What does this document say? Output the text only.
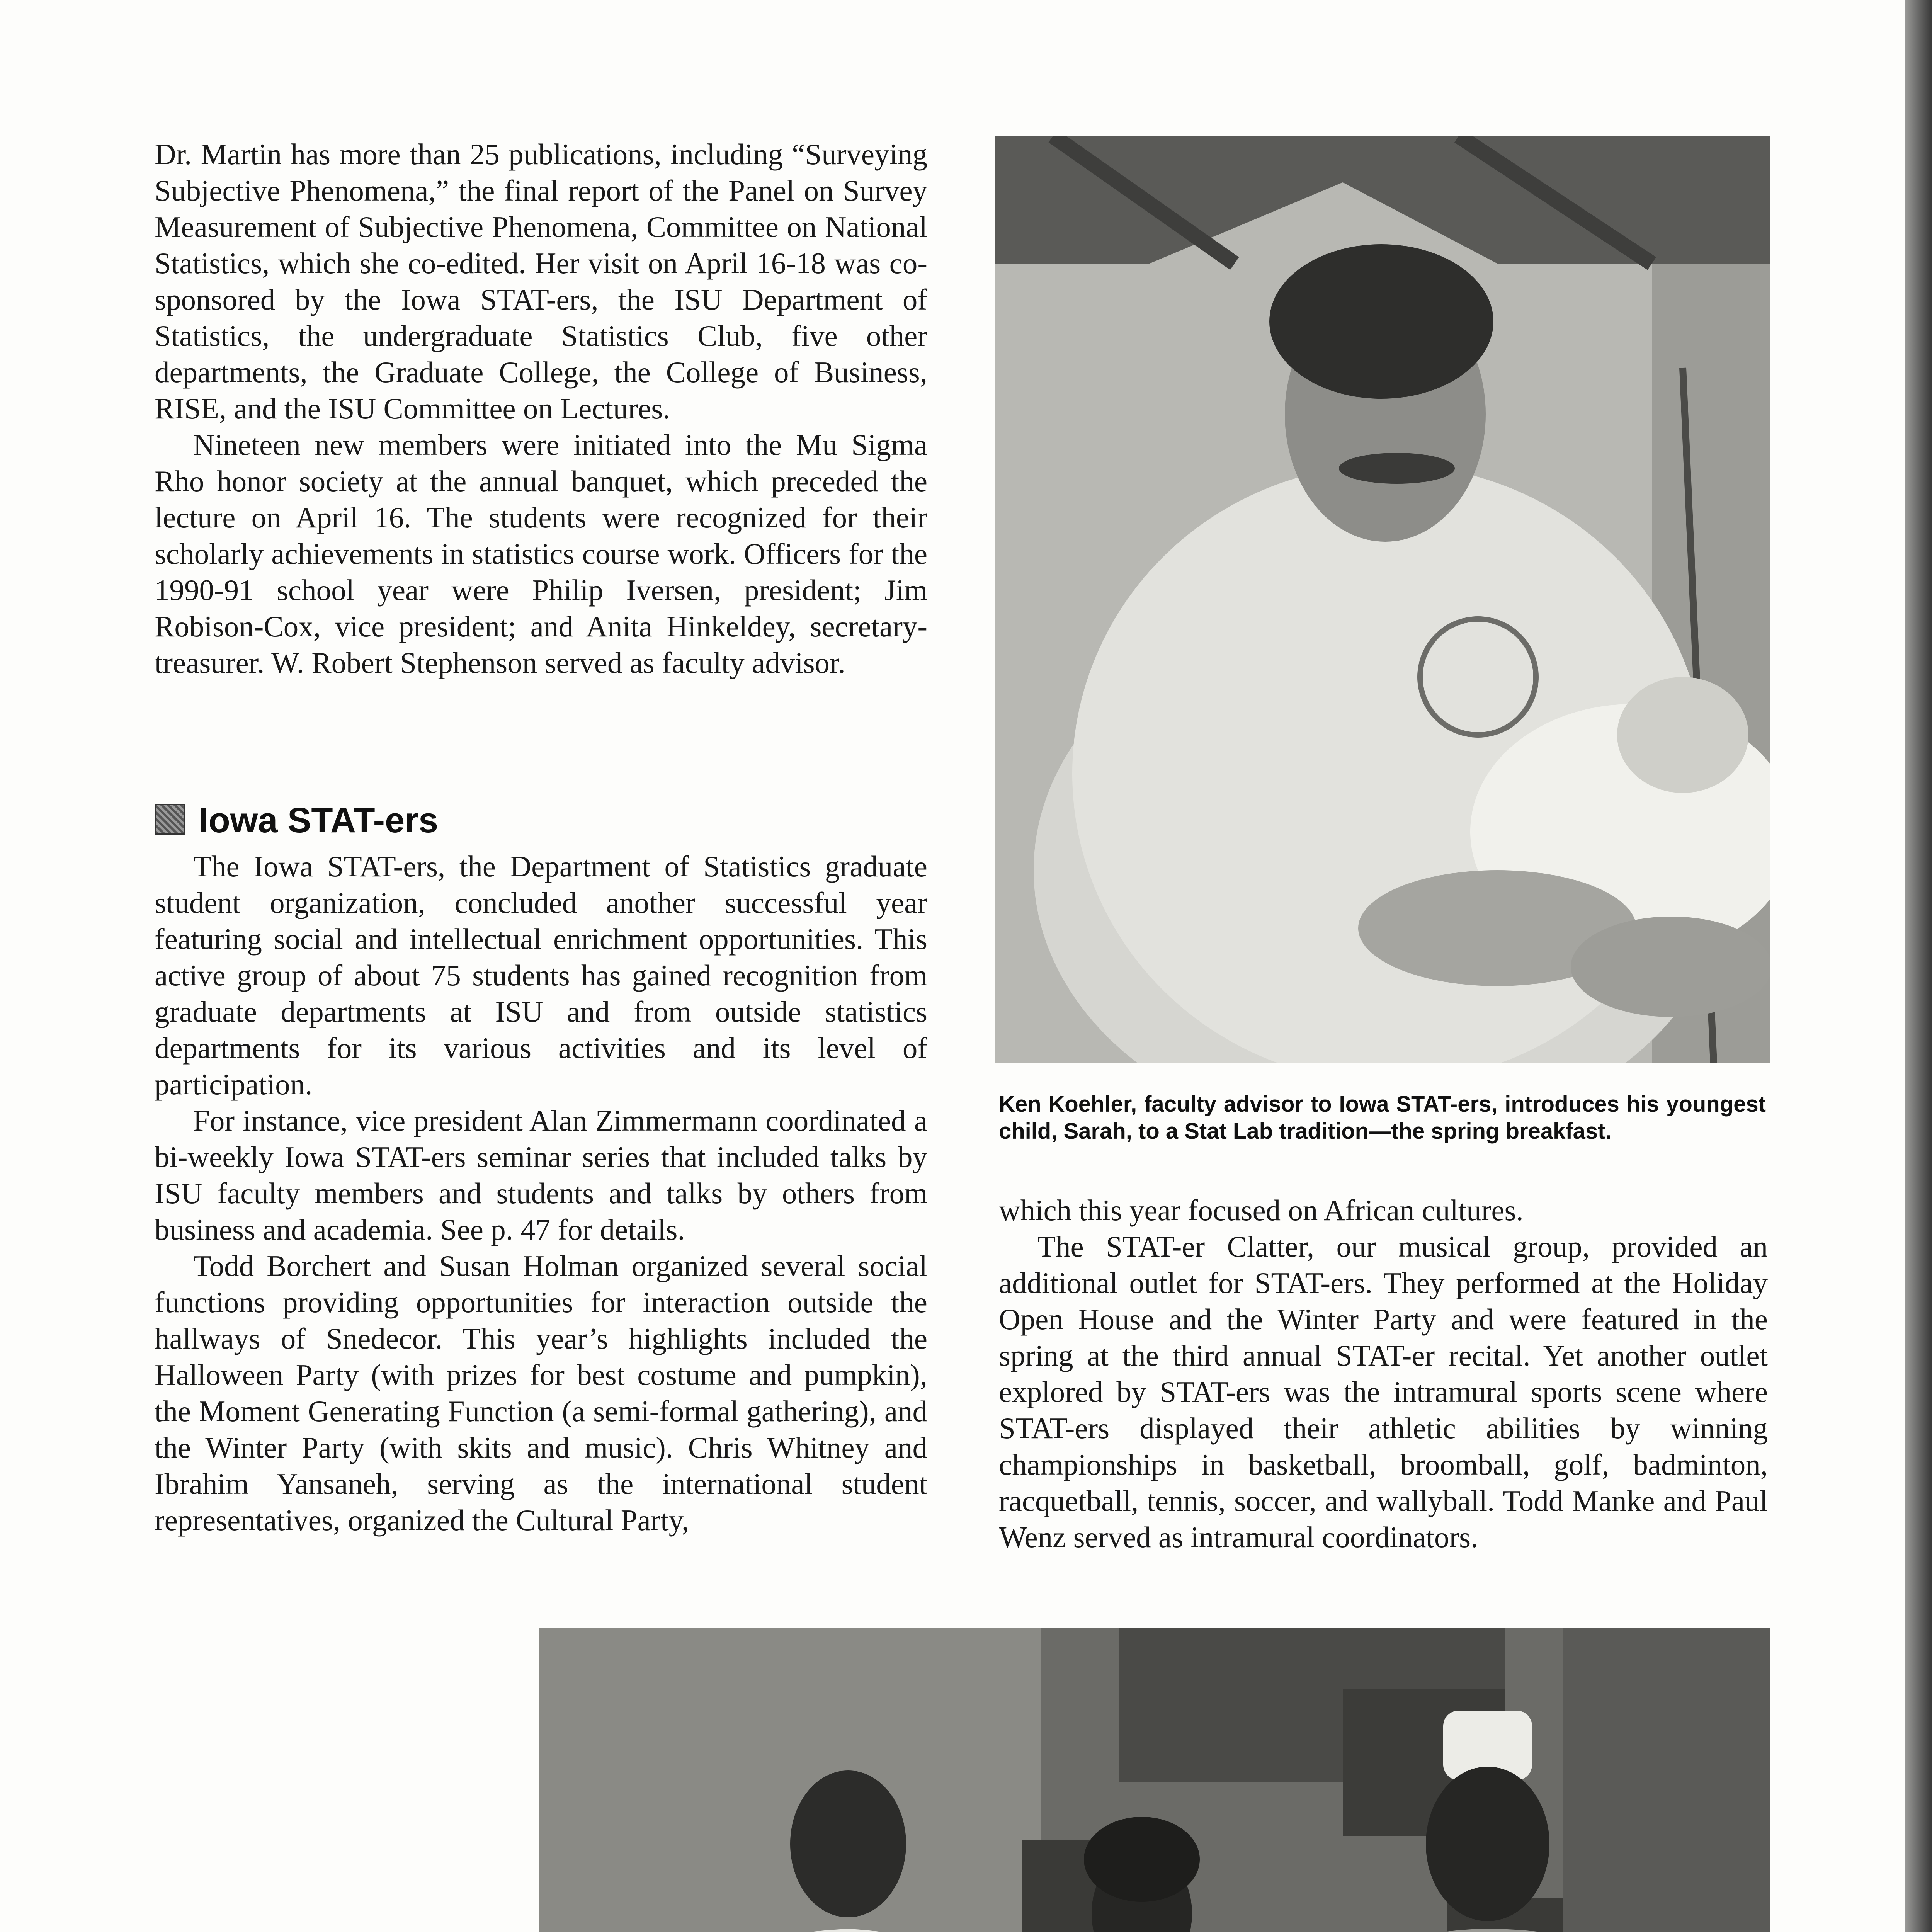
Dr. Martin has more than 25 publications, including “Surveying Subjective Phenomena,” the final report of the Panel on Survey Measurement of Subjective Phenomena, Committee on National Statistics, which she co-edited. Her visit on April 16-18 was co-sponsored by the Iowa STAT-ers, the ISU Department of Statistics, the undergraduate Statistics Club, five other departments, the Graduate College, the College of Business, RISE, and the ISU Committee on Lectures.

Nineteen new members were initiated into the Mu Sigma Rho honor society at the annual banquet, which preceded the lecture on April 16. The students were recognized for their scholarly achievements in statistics course work. Officers for the 1990-91 school year were Philip Iversen, president; Jim Robison-Cox, vice president; and Anita Hinkeldey, secretary-treasurer. W. Robert Stephenson served as faculty advisor.

Iowa STAT-ers

The Iowa STAT-ers, the Department of Statistics graduate student organization, concluded another successful year featuring social and intellectual enrichment opportunities. This active group of about 75 students has gained recognition from graduate departments at ISU and from outside statistics departments for its various activities and its level of participation.

For instance, vice president Alan Zimmermann coordinated a bi-weekly Iowa STAT-ers seminar series that included talks by ISU faculty members and students and talks by others from business and academia. See p. 47 for details.

Todd Borchert and Susan Holman organized several social functions providing opportunities for interaction outside the hallways of Snedecor. This year’s highlights included the Halloween Party (with prizes for best costume and pumpkin), the Moment Generating Function (a semi-formal gathering), and the Winter Party (with skits and music). Chris Whitney and Ibrahim Yansaneh, serving as the international student representatives, organized the Cultural Party,

Ken Koehler, faculty advisor to Iowa STAT-ers, introduces his youngest child, Sarah, to a Stat Lab tradition—the spring breakfast.

which this year focused on African cultures.

The STAT-er Clatter, our musical group, provided an additional outlet for STAT-ers. They performed at the Holiday Open House and the Winter Party and were featured in the spring at the third annual STAT-er recital. Yet another outlet explored by STAT-ers was the intramural sports scene where STAT-ers displayed their athletic abilities by winning championships in basketball, broomball, golf, badminton, racquetball, tennis, soccer, and wallyball. Todd Manke and Paul Wenz served as intramural coordinators.
